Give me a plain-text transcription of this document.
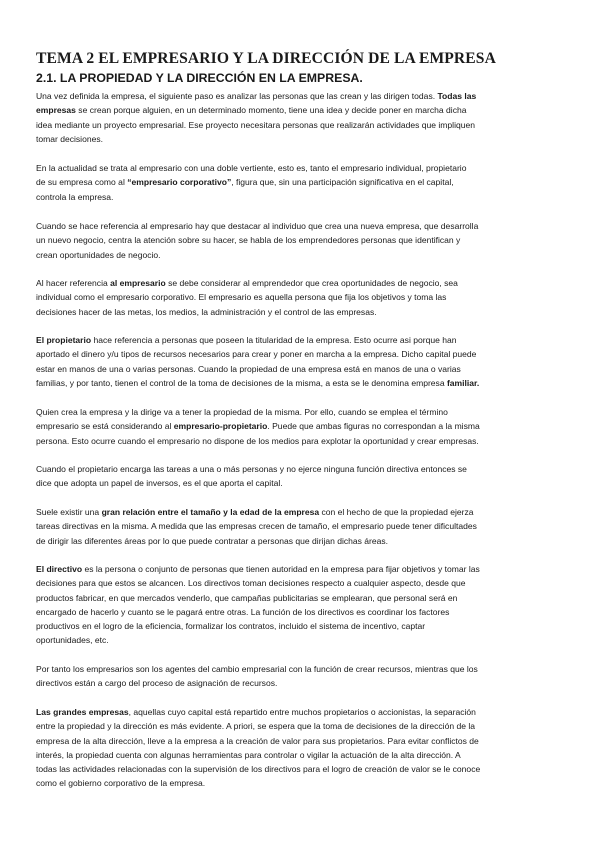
TEMA 2 EL EMPRESARIO Y LA DIRECCIÓN DE LA EMPRESA
2.1. LA PROPIEDAD Y LA DIRECCIÓN EN LA EMPRESA.
Una vez definida la empresa, el siguiente paso es analizar las personas que las crean y las dirigen todas. Todas las
empresas se crean porque alguien, en un determinado momento, tiene una idea y decide poner en marcha dicha
idea mediante un proyecto empresarial. Ese proyecto necesitara personas que realizarán actividades que impliquen
tomar decisiones.
En la actualidad se trata al empresario con una doble vertiente, esto es, tanto el empresario individual, propietario
de su empresa como al “empresario corporativo”, figura que, sin una participación significativa en el capital,
controla la empresa.
Cuando se hace referencia al empresario hay que destacar al individuo que crea una nueva empresa, que desarrolla
un nuevo negocio, centra la atención sobre su hacer, se habla de los emprendedores personas que identifican y
crean oportunidades de negocio.
Al hacer referencia al empresario se debe considerar al emprendedor que crea oportunidades de negocio, sea
individual como el empresario corporativo. El empresario es aquella persona que fija los objetivos y toma las
decisiones hacer de las metas, los medios, la administración y el control de las empresas.
El propietario hace referencia a personas que poseen la titularidad de la empresa. Esto ocurre asi porque han
aportado el dinero y/u tipos de recursos necesarios para crear y poner en marcha a la empresa. Dicho capital puede
estar en manos de una o varias personas. Cuando la propiedad de una empresa está en manos de una o varias
familias, y por tanto, tienen el control de la toma de decisiones de la misma, a esta se le denomina empresa familiar.
Quien crea la empresa y la dirige va a tener la propiedad de la misma. Por ello, cuando se emplea el término
empresario se está considerando al empresario-propietario. Puede que ambas figuras no correspondan a la misma
persona. Esto ocurre cuando el empresario no dispone de los medios para explotar la oportunidad y crear empresas.
Cuando el propietario encarga las tareas a una o más personas y no ejerce ninguna función directiva entonces se
dice que adopta un papel de inversos, es el que aporta el capital.
Suele existir una gran relación entre el tamaño y la edad de la empresa con el hecho de que la propiedad ejerza
tareas directivas en la misma. A medida que las empresas crecen de tamaño, el empresario puede tener dificultades
de dirigir las diferentes áreas por lo que puede contratar a personas que dirijan dichas áreas.
El directivo es la persona o conjunto de personas que tienen autoridad en la empresa para fijar objetivos y tomar las
decisiones para que estos se alcancen. Los directivos toman decisiones respecto a cualquier aspecto, desde que
productos fabricar, en que mercados venderlo, que campañas publicitarias se emplearan, que personal será en
encargado de hacerlo y cuanto se le pagará entre otras. La función de los directivos es coordinar los factores
productivos en el logro de la eficiencia, formalizar los contratos, incluido el sistema de incentivo, captar
oportunidades, etc.
Por tanto los empresarios son los agentes del cambio empresarial con la función de crear recursos, mientras que los
directivos están a cargo del proceso de asignación de recursos.
Las grandes empresas, aquellas cuyo capital está repartido entre muchos propietarios o accionistas, la separación
entre la propiedad y la dirección es más evidente. A priori, se espera que la toma de decisiones de la dirección de la
empresa de la alta dirección, lleve a la empresa a la creación de valor para sus propietarios. Para evitar conflictos de
interés, la propiedad cuenta con algunas herramientas para controlar o vigilar la actuación de la alta dirección. A
todas las actividades relacionadas con la supervisión de los directivos para el logro de creación de valor se le conoce
como el gobierno corporativo de la empresa.
